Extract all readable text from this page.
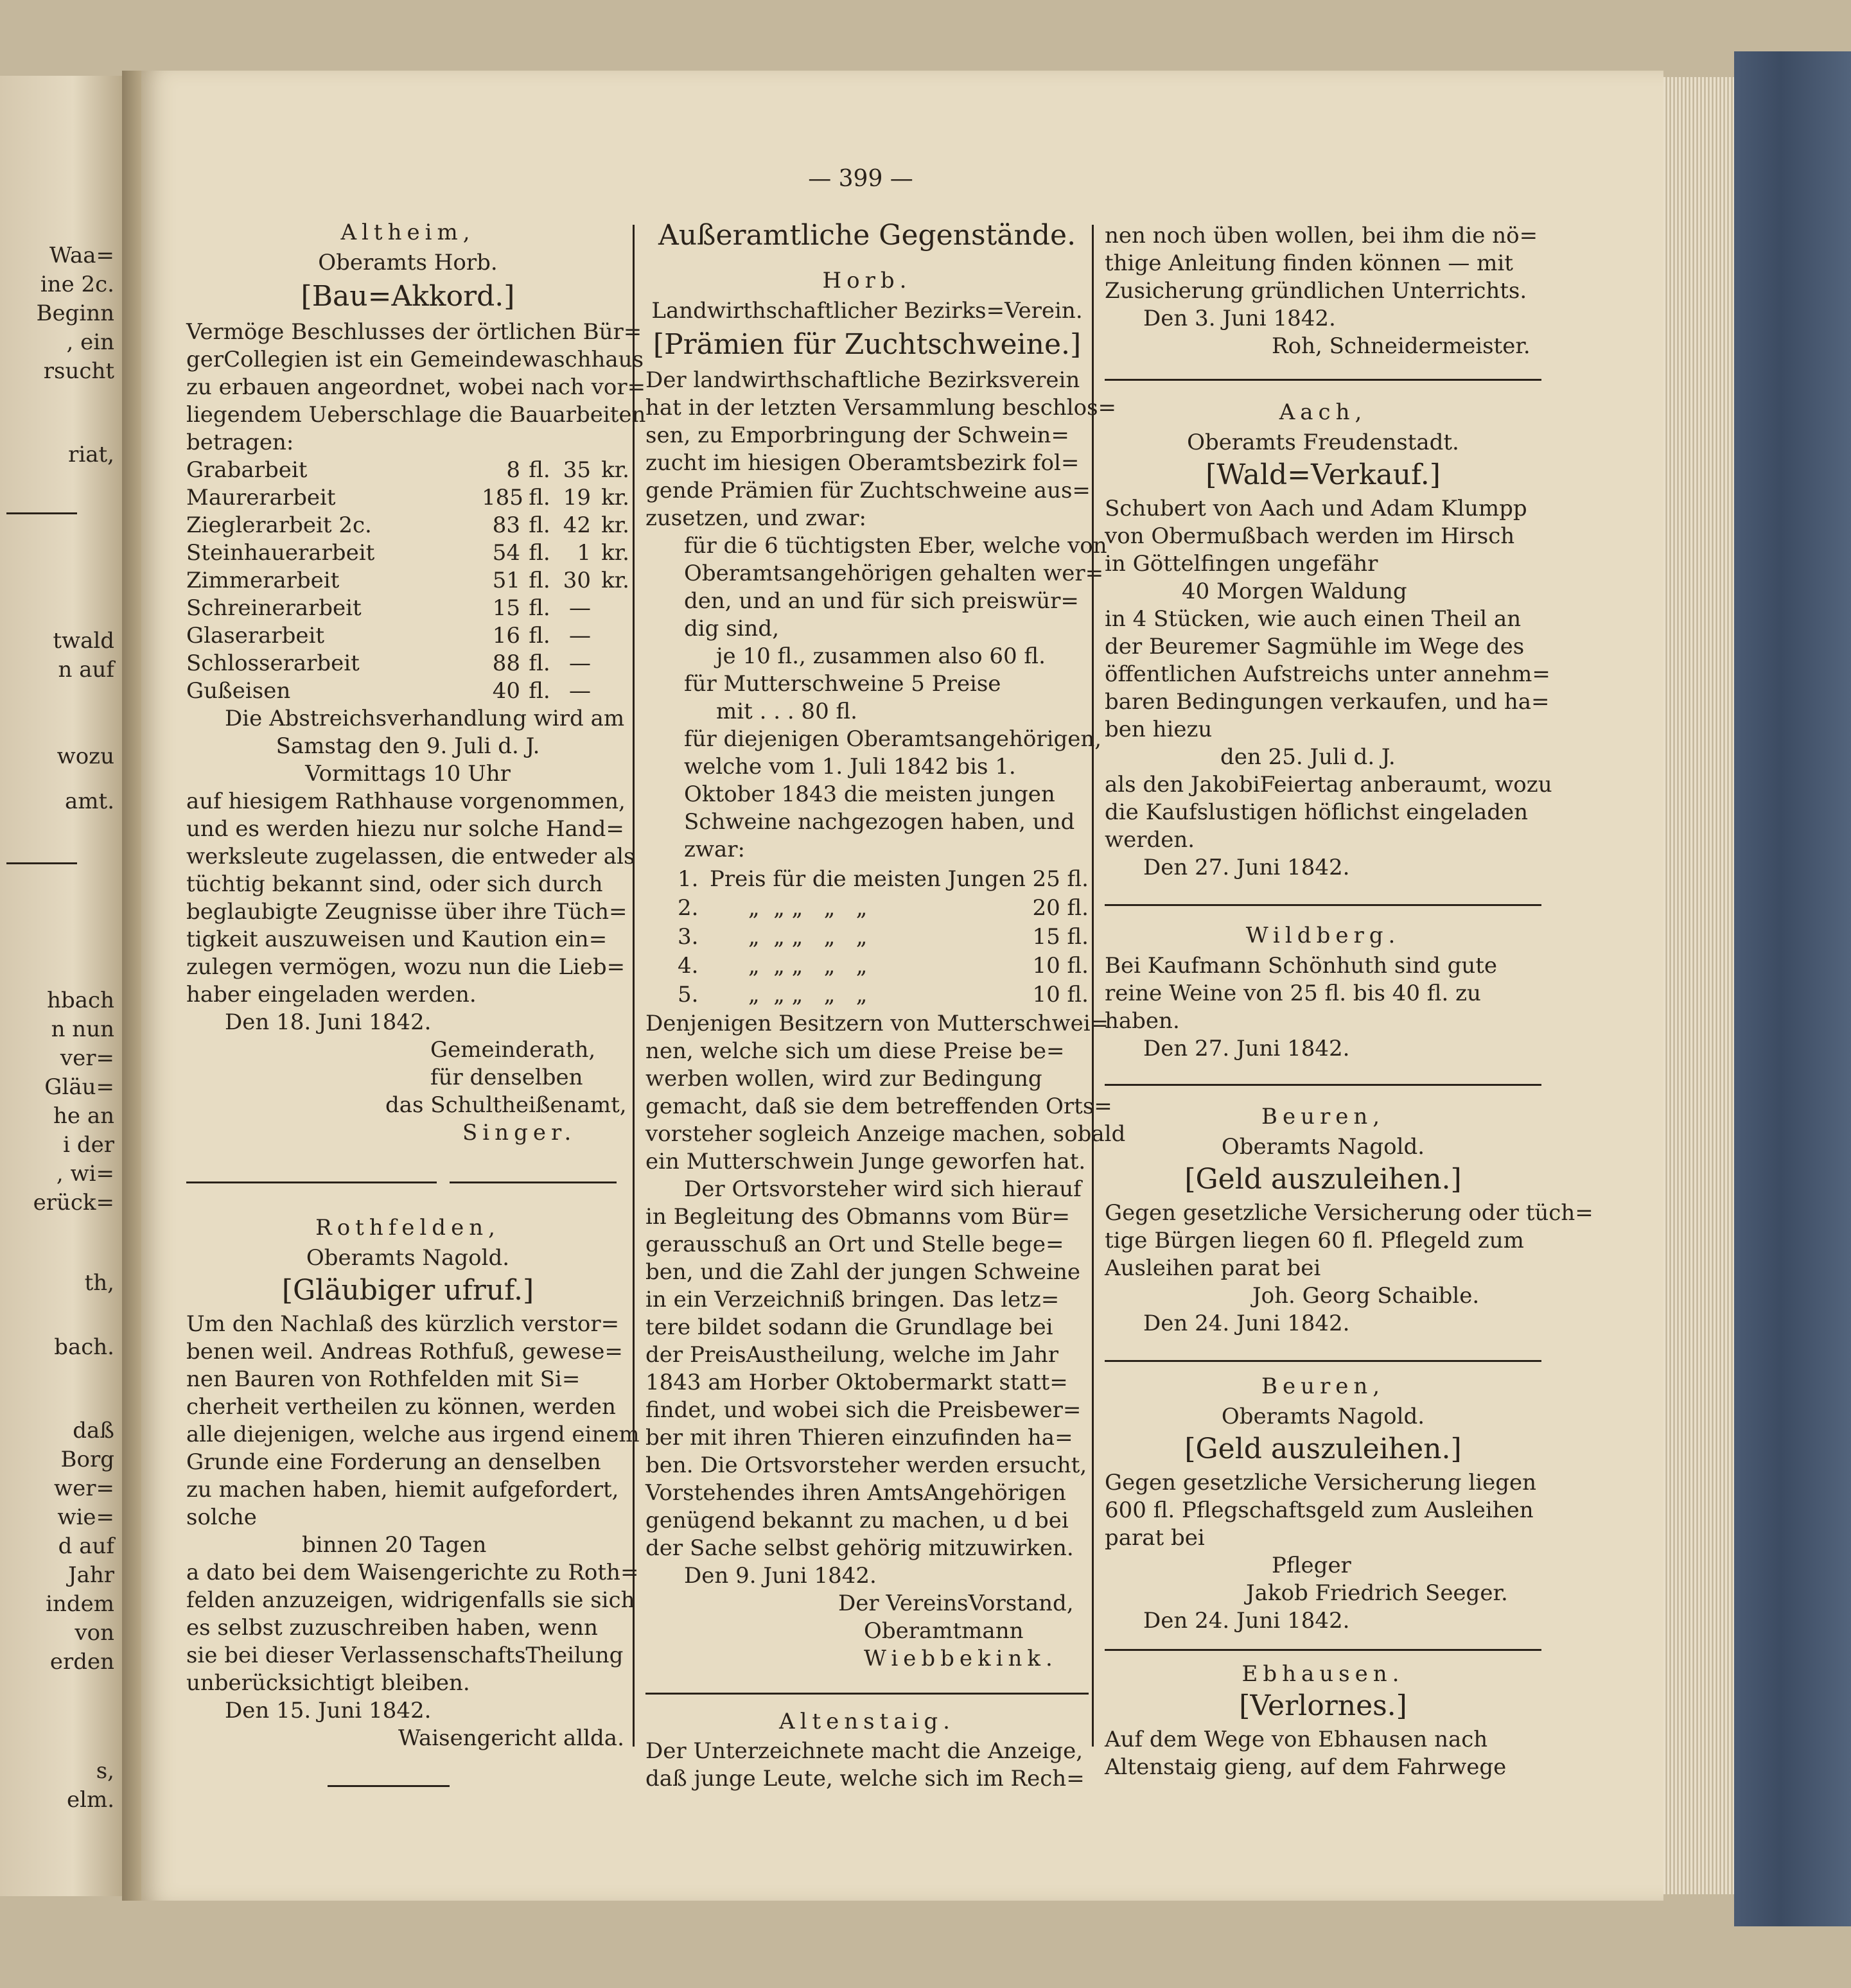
Waa=
ine 2c.
Beginn
, ein
rsucht
riat,
twald
n auf
wozu
amt.
hbach
n nun
ver=
Gläu=
he an
i der
, wi=
erück=
th,
bach.
daß
Borg
wer=
wie=
d auf
Jahr
indem
von
erden
s,
elm.
— 399 —
Altheim,
Oberamts Horb.
[Bau=Akkord.]
Vermöge Beschlusses der örtlichen Bür=
gerCollegien ist ein Gemeindewaschhaus
zu erbauen angeordnet, wobei nach vor=
liegendem Ueberschlage die Bauarbeiten
betragen:
Grabarbeit	8 fl. 35 kr.
Maurerarbeit	185 fl. 19 kr.
Zieglerarbeit 2c.	83 fl. 42 kr.
Steinhauerarbeit	54 fl.	1 kr.
Zimmerarbeit	51 fl. 30 kr.
Schreinerarbeit	15 fl. —
Glaserarbeit	16 fl. —
Schlosserarbeit	88 fl. —
Gußeisen	40 fl. —
Die Abstreichsverhandlung wird am
Samstag den 9. Juli d. J.
Vormittags 10 Uhr
auf hiesigem Rathhause vorgenommen,
und es werden hiezu nur solche Hand=
werksleute zugelassen, die entweder als
tüchtig bekannt sind, oder sich durch
beglaubigte Zeugnisse über ihre Tüch=
tigkeit auszuweisen und Kaution ein=
zulegen vermögen, wozu nun die Lieb=
haber eingeladen werden.
Den 18. Juni 1842.
Gemeinderath,
für denselben
das Schultheißenamt,
Singer.
Rothfelden,
Oberamts Nagold.
[Gläubiger ufruf.]
Um den Nachlaß des kürzlich verstor=
benen weil. Andreas Rothfuß, gewese=
nen Bauren von Rothfelden mit Si=
cherheit vertheilen zu können, werden
alle diejenigen, welche aus irgend einem
Grunde eine Forderung an denselben
zu machen haben, hiemit aufgefordert,
solche
binnen 20 Tagen
a dato bei dem Waisengerichte zu Roth=
felden anzuzeigen, widrigenfalls sie sich
es selbst zuzuschreiben haben, wenn
sie bei dieser VerlassenschaftsTheilung
unberücksichtigt bleiben.
Den 15. Juni 1842.
Waisengericht allda.
Außeramtliche Gegenstände.
Horb.
Landwirthschaftlicher Bezirks=Verein.
[Prämien für Zuchtschweine.]
Der landwirthschaftliche Bezirksverein
hat in der letzten Versammlung beschlos=
sen, zu Emporbringung der Schwein=
zucht im hiesigen Oberamtsbezirk fol=
gende Prämien für Zuchtschweine aus=
zusetzen, und zwar:
für die 6 tüchtigsten Eber, welche von
Oberamtsangehörigen gehalten wer=
den, und an und für sich preiswür=
dig sind,
je 10 fl., zusammen also 60 fl.
für Mutterschweine 5 Preise
mit . . . 80 fl.
für diejenigen Oberamtsangehörigen,
welche vom 1. Juli 1842 bis 1.
Oktober 1843 die meisten jungen
Schweine nachgezogen haben, und
zwar:
1. Preis für die meisten Jungen 25 fl.
2.	„  „ „   „   „	20 fl.
3.	„  „ „   „   „	15 fl.
4.	„  „ „   „   „	10 fl.
5.	„  „ „   „   „	10 fl.
Denjenigen Besitzern von Mutterschwei=
nen, welche sich um diese Preise be=
werben wollen, wird zur Bedingung
gemacht, daß sie dem betreffenden Orts=
vorsteher sogleich Anzeige machen, sobald
ein Mutterschwein Junge geworfen hat.
Der Ortsvorsteher wird sich hierauf
in Begleitung des Obmanns vom Bür=
gerausschuß an Ort und Stelle bege=
ben, und die Zahl der jungen Schweine
in ein Verzeichniß bringen. Das letz=
tere bildet sodann die Grundlage bei
der PreisAustheilung, welche im Jahr
1843 am Horber Oktobermarkt statt=
findet, und wobei sich die Preisbewer=
ber mit ihren Thieren einzufinden ha=
ben. Die Ortsvorsteher werden ersucht,
Vorstehendes ihren AmtsAngehörigen
genügend bekannt zu machen, u d bei
der Sache selbst gehörig mitzuwirken.
Den 9. Juni 1842.
Der VereinsVorstand,
Oberamtmann
Wiebbekink.
Altenstaig.
Der Unterzeichnete macht die Anzeige,
daß junge Leute, welche sich im Rech=
nen noch üben wollen, bei ihm die nö=
thige Anleitung finden können — mit
Zusicherung gründlichen Unterrichts.
Den 3. Juni 1842.
Roh, Schneidermeister.
Aach,
Oberamts Freudenstadt.
[Wald=Verkauf.]
Schubert von Aach und Adam Klumpp
von Obermußbach werden im Hirsch
in Göttelfingen ungefähr
40 Morgen Waldung
in 4 Stücken, wie auch einen Theil an
der Beuremer Sagmühle im Wege des
öffentlichen Aufstreichs unter annehm=
baren Bedingungen verkaufen, und ha=
ben hiezu
den 25. Juli d. J.
als den JakobiFeiertag anberaumt, wozu
die Kaufslustigen höflichst eingeladen
werden.
Den 27. Juni 1842.
Wildberg.
Bei Kaufmann Schönhuth sind gute
reine Weine von 25 fl. bis 40 fl. zu
haben.
Den 27. Juni 1842.
Beuren,
Oberamts Nagold.
[Geld auszuleihen.]
Gegen gesetzliche Versicherung oder tüch=
tige Bürgen liegen 60 fl. Pflegeld zum
Ausleihen parat bei
Joh. Georg Schaible.
Den 24. Juni 1842.
Beuren,
Oberamts Nagold.
[Geld auszuleihen.]
Gegen gesetzliche Versicherung liegen
600 fl. Pflegschaftsgeld zum Ausleihen
parat bei
Pfleger
Jakob Friedrich Seeger.
Den 24. Juni 1842.
Ebhausen.
[Verlornes.]
Auf dem Wege von Ebhausen nach
Altenstaig gieng, auf dem Fahrwege
